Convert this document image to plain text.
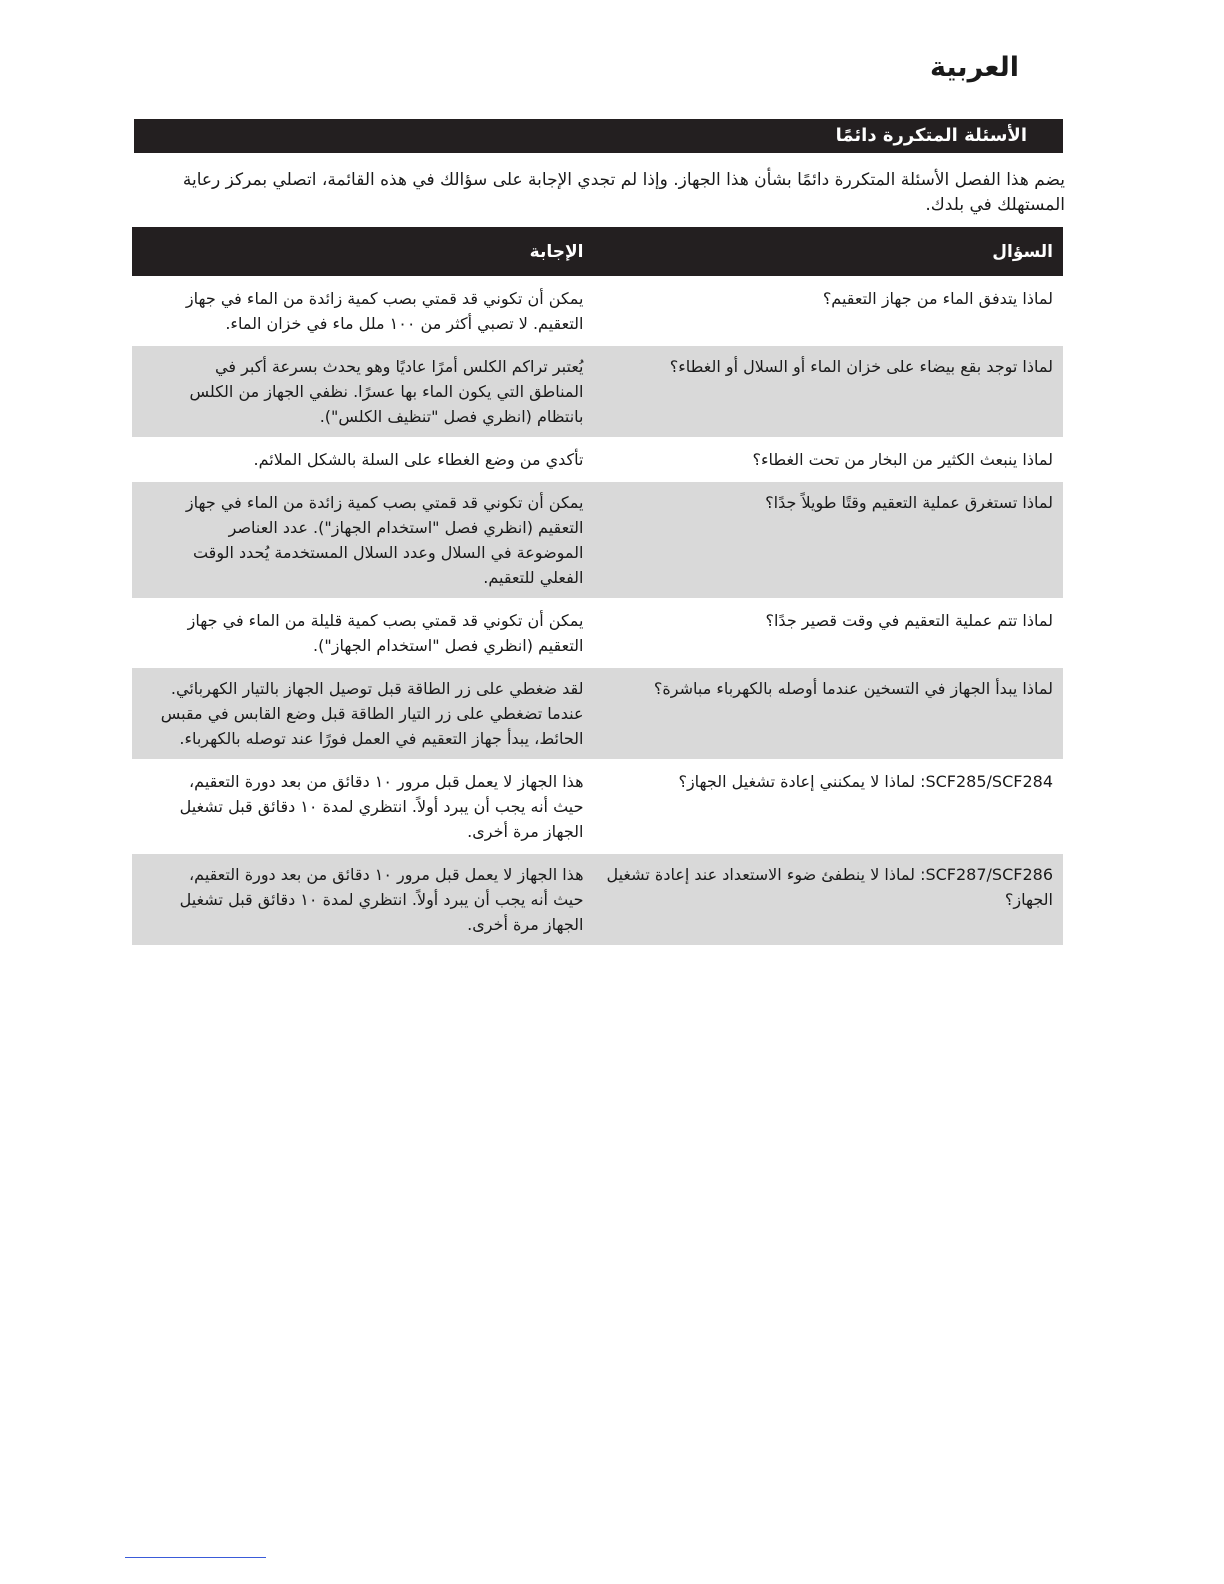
العربية
الأسئلة المتكررة دائمًا

يضم هذا الفصل الأسئلة المتكررة دائمًا بشأن هذا الجهاز. وإذا لم تجدي الإجابة على سؤالك في هذه القائمة، اتصلي بمركز رعاية المستهلك في بلدك.

السؤال	الإجابة
لماذا يتدفق الماء من جهاز التعقيم؟	يمكن أن تكوني قد قمتي بصب كمية زائدة من الماء في جهاز التعقيم. لا تصبي أكثر من ١٠٠ ملل ماء في خزان الماء.
لماذا توجد بقع بيضاء على خزان الماء أو السلال أو الغطاء؟	يُعتبر تراكم الكلس أمرًا عاديًا وهو يحدث بسرعة أكبر في المناطق التي يكون الماء بها عسرًا. نظفي الجهاز من الكلس بانتظام (انظري فصل "تنظيف الكلس").
لماذا ينبعث الكثير من البخار من تحت الغطاء؟	تأكدي من وضع الغطاء على السلة بالشكل الملائم.
لماذا تستغرق عملية التعقيم وقتًا طويلاً جدًا؟	يمكن أن تكوني قد قمتي بصب كمية زائدة من الماء في جهاز التعقيم (انظري فصل "استخدام الجهاز"). عدد العناصر الموضوعة في السلال وعدد السلال المستخدمة يُحدد الوقت الفعلي للتعقيم.
لماذا تتم عملية التعقيم في وقت قصير جدًا؟	يمكن أن تكوني قد قمتي بصب كمية قليلة من الماء في جهاز التعقيم (انظري فصل "استخدام الجهاز").
لماذا يبدأ الجهاز في التسخين عندما أوصله بالكهرباء مباشرة؟	لقد ضغطي على زر الطاقة قبل توصيل الجهاز بالتيار الكهربائي. عندما تضغطي على زر التيار الطاقة قبل وضع القابس في مقبس الحائط، يبدأ جهاز التعقيم في العمل فورًا عند توصله بالكهرباء.
SCF285/SCF284: لماذا لا يمكنني إعادة تشغيل الجهاز؟	هذا الجهاز لا يعمل قبل مرور ١٠ دقائق من بعد دورة التعقيم، حيث أنه يجب أن يبرد أولاً. انتظري لمدة ١٠ دقائق قبل تشغيل الجهاز مرة أخرى.
SCF287/SCF286: لماذا لا ينطفئ ضوء الاستعداد عند إعادة تشغيل الجهاز؟	هذا الجهاز لا يعمل قبل مرور ١٠ دقائق من بعد دورة التعقيم، حيث أنه يجب أن يبرد أولاً. انتظري لمدة ١٠ دقائق قبل تشغيل الجهاز مرة أخرى.
